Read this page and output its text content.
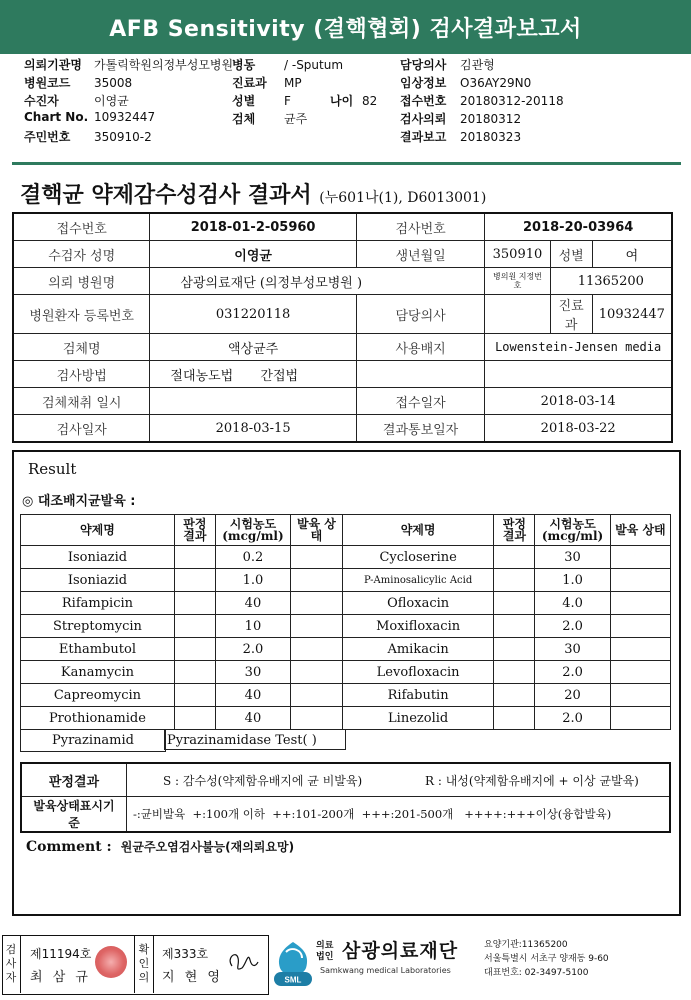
AFB Sensitivity (결핵협회) 검사결과보고서
의뢰기관명 가톨릭학원의정부성모병원
병원코드 35008
수진자	이영균
Chart No. 10932447
주민번호 350910-2
병동 / -Sputum
진료과 MP
성별 F	나이 82
검체 균주
담당의사 김관형
임상정보 O36AY29N0
접수번호 20180312-20118
검사의뢰 20180312
결과보고 20180323
결핵균 약제감수성검사 결과서 (누601나(1), D6013001)
접수번호	2018-01-2-05960	검사번호	2018-20-03964		
수검자 성명	이영균	생년월일	350910	성별	여
의뢰 병원명	삼광의료재단 (의정부성모병원 )		병의원 지정번호	11365200	
병원환자 등록번호	031220118	담당의사		진료과	10932447
검체명	액상균주	사용배지	Lowenstein-Jensen media		
검사방법	절대농도법 간접법				
검체채취 일시		접수일자	2018-03-14		
검사일자	2018-03-15	결과통보일자	2018-03-22		
Result
◎ 대조배지균발육 :
약제명	판정 결과	시험농도 (mcg/ml)	발육 상태	약제명	판정 결과	시험농도 (mcg/ml)	발육 상태
Isoniazid		0.2		Cycloserine		30	
Isoniazid		1.0		P-Aminosalicylic Acid		1.0	
Rifampicin		40		Ofloxacin		4.0	
Streptomycin		10		Moxifloxacin		2.0	
Ethambutol		2.0		Amikacin		30	
Kanamycin		30		Levofloxacin		2.0	
Capreomycin		40		Rifabutin		20	
Prothionamide		40		Linezolid		2.0	
Pyrazinamid	Pyrazinamidase Test( )
판정결과	S : 감수성(약제함유배지에 균 비발육) R : 내성(약제함유배지에 + 이상 균발육)
발육상태표시기준	-:균비발육  +:100개 이하  ++:101-200개  +++:201-500개   ++++:+++이상(융합발육)
Comment : 원균주오염검사불능(재의뢰요망)
검사자
제11194호
최 삼 규
확인의
제333호
지 현 영	SML
의료
법인 삼광의료재단
Samkwang medical Laboratories
요양기관:11365200
서울특별시 서초구 양재동 9-60
대표번호: 02-3497-5100
